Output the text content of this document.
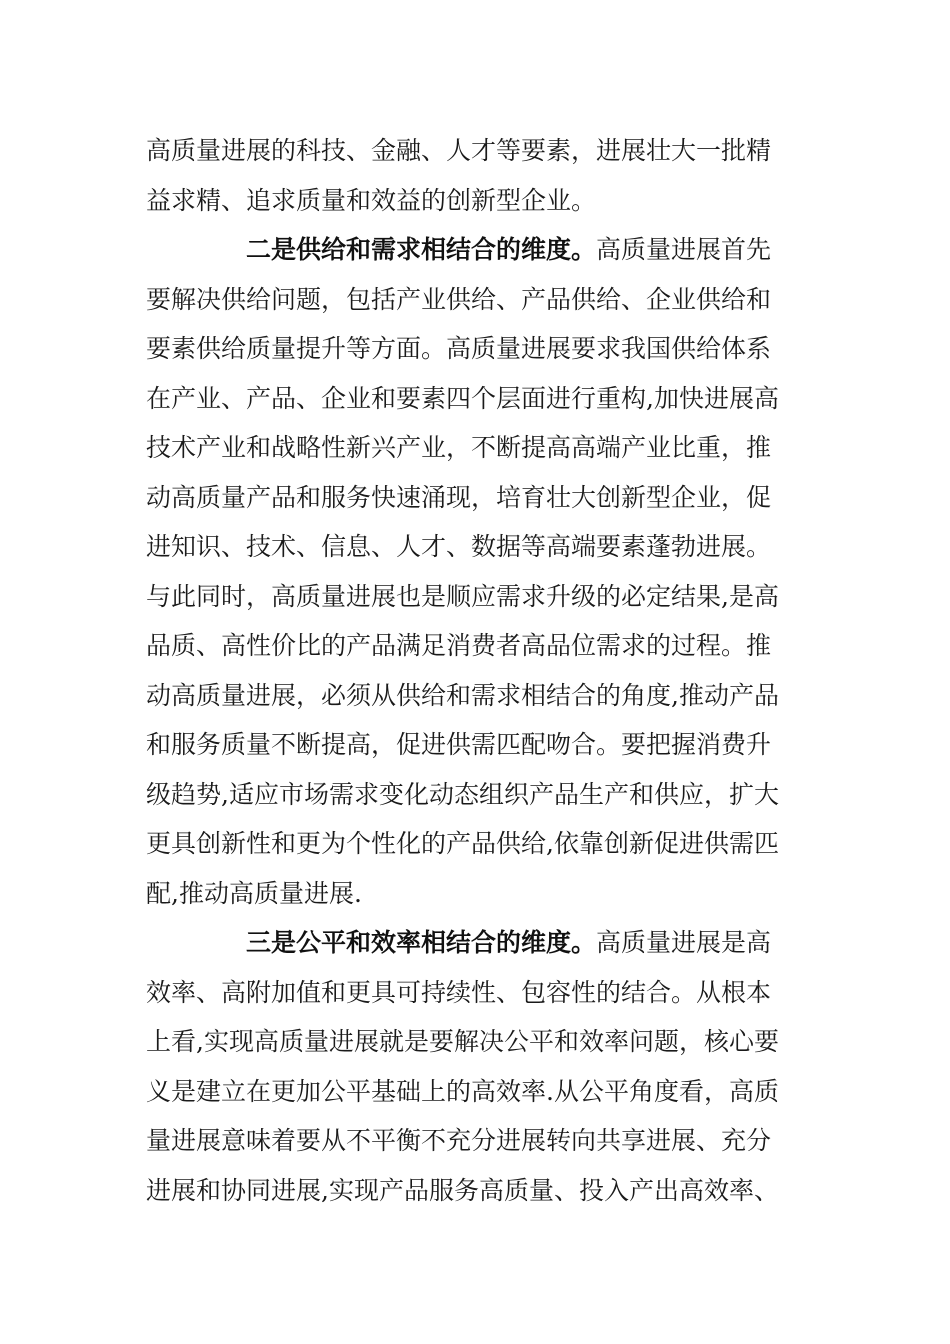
高质量进展的科技、金融、人才等要素，进展壮大一批精
益求精、追求质量和效益的创新型企业。
二是供给和需求相结合的维度。高质量进展首先
要解决供给问题，包括产业供给、产品供给、企业供给和
要素供给质量提升等方面。高质量进展要求我国供给体系
在产业、产品、企业和要素四个层面进行重构,加快进展高
技术产业和战略性新兴产业，不断提高高端产业比重，推
动高质量产品和服务快速涌现，培育壮大创新型企业，促
进知识、技术、信息、人才、数据等高端要素蓬勃进展。
与此同时，高质量进展也是顺应需求升级的必定结果,是高
品质、高性价比的产品满足消费者高品位需求的过程。推
动高质量进展，必须从供给和需求相结合的角度,推动产品
和服务质量不断提高，促进供需匹配吻合。要把握消费升
级趋势,适应市场需求变化动态组织产品生产和供应，扩大
更具创新性和更为个性化的产品供给,依靠创新促进供需匹
配,推动高质量进展.
三是公平和效率相结合的维度。高质量进展是高
效率、高附加值和更具可持续性、包容性的结合。从根本
上看,实现高质量进展就是要解决公平和效率问题，核心要
义是建立在更加公平基础上的高效率.从公平角度看，高质
量进展意味着要从不平衡不充分进展转向共享进展、充分
进展和协同进展,实现产品服务高质量、投入产出高效率、
